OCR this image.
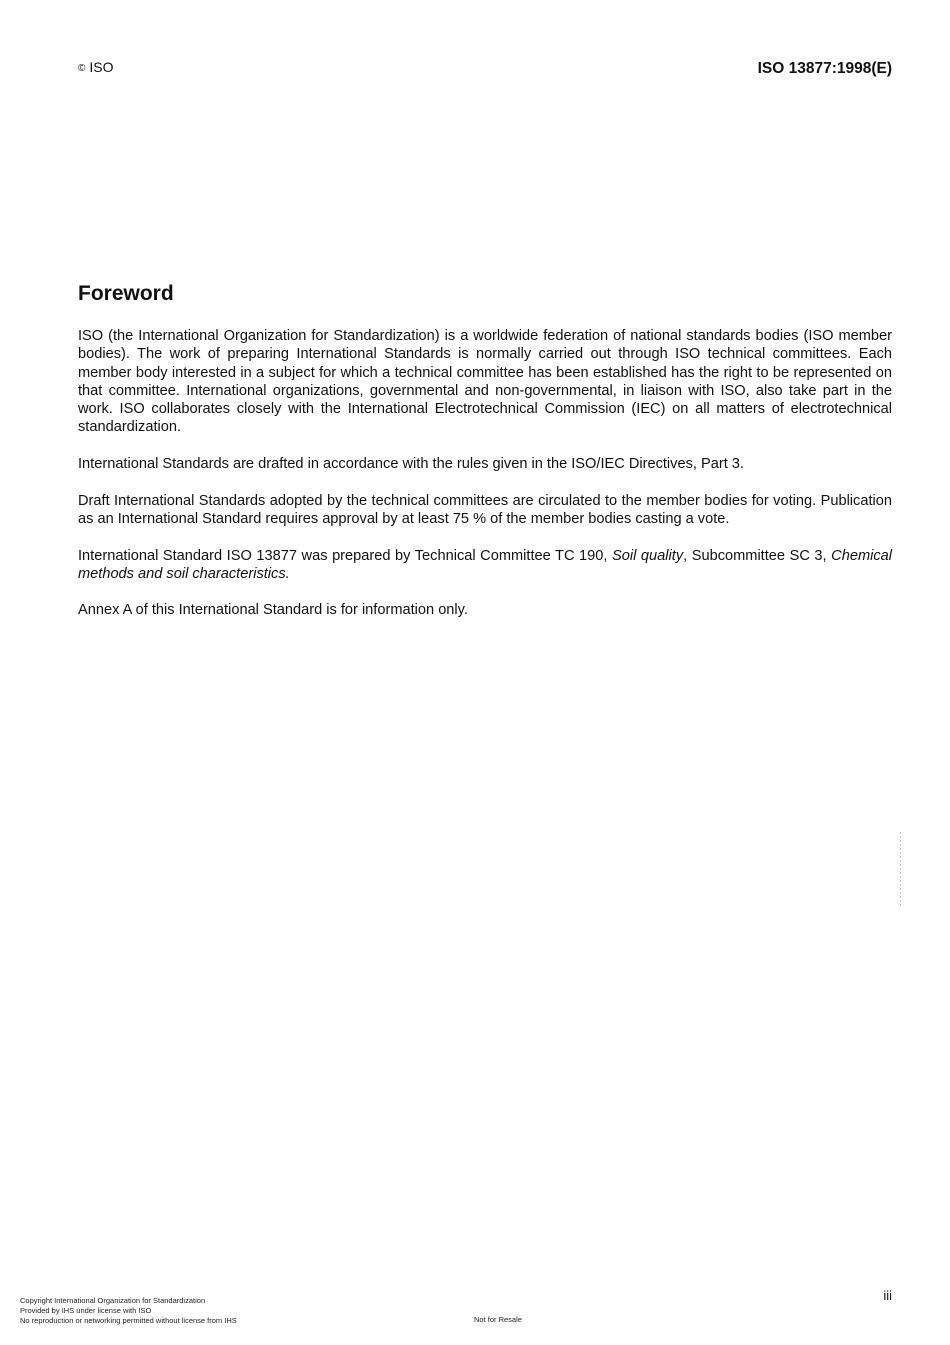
© ISO	ISO 13877:1998(E)
Foreword

ISO (the International Organization for Standardization) is a worldwide federation of national standards bodies (ISO member bodies). The work of preparing International Standards is normally carried out through ISO technical committees. Each member body interested in a subject for which a technical committee has been established has the right to be represented on that committee. International organizations, governmental and non-governmental, in liaison with ISO, also take part in the work. ISO collaborates closely with the International Electrotechnical Commission (IEC) on all matters of electrotechnical standardization.

International Standards are drafted in accordance with the rules given in the ISO/IEC Directives, Part 3.

Draft International Standards adopted by the technical committees are circulated to the member bodies for voting. Publication as an International Standard requires approval by at least 75 % of the member bodies casting a vote.

International Standard ISO 13877 was prepared by Technical Committee TC 190, Soil quality, Subcommittee SC 3, Chemical methods and soil characteristics.

Annex A of this International Standard is for information only.

iii
Copyright International Organization for Standardization
Provided by IHS under license with ISO
No reproduction or networking permitted without license from IHS	Not for Resale
